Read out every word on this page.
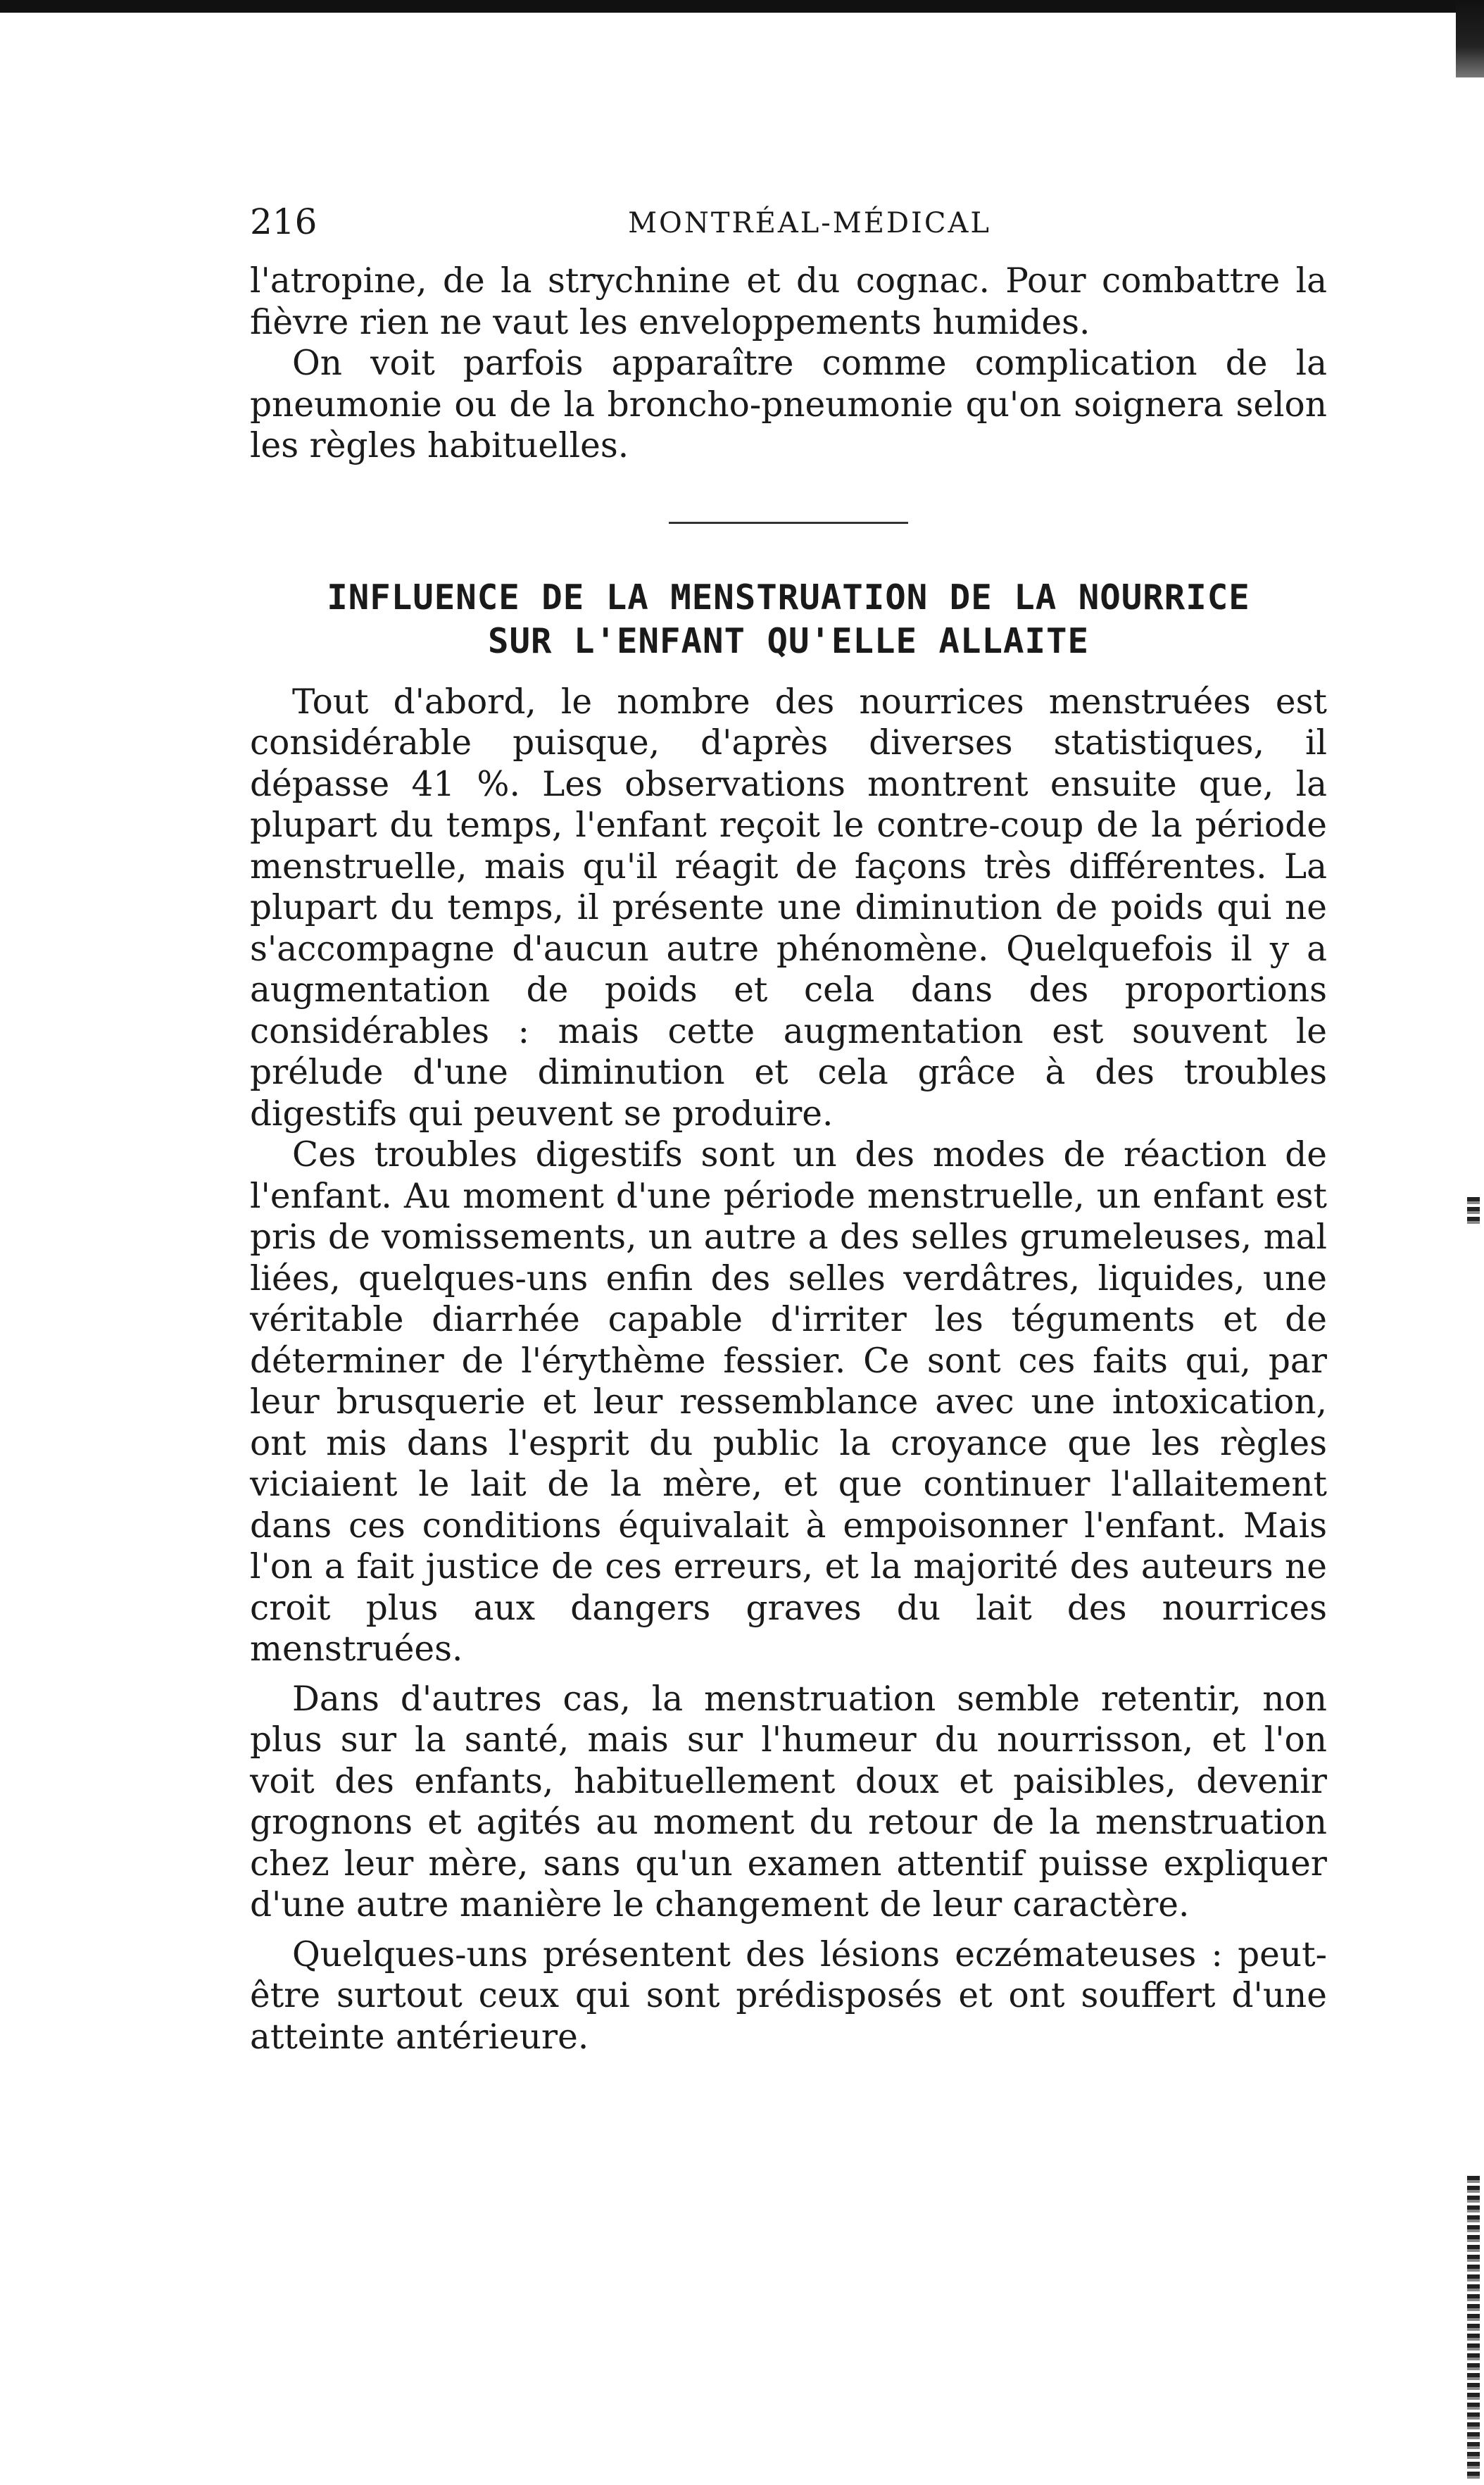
216	MONTRÉAL-MÉDICAL

l'atropine, de la strychnine et du cognac. Pour combattre la fièvre rien ne vaut les enveloppements humides.

On voit parfois apparaître comme complication de la pneumonie ou de la broncho-pneumonie qu'on soignera selon les règles habituelles.

INFLUENCE DE LA MENSTRUATION DE LA NOURRICE
SUR L'ENFANT QU'ELLE ALLAITE

Tout d'abord, le nombre des nourrices menstruées est considérable puisque, d'après diverses statistiques, il dépasse 41 %. Les observations montrent ensuite que, la plupart du temps, l'enfant reçoit le contre-coup de la période menstruelle, mais qu'il réagit de façons très différentes. La plupart du temps, il présente une diminution de poids qui ne s'accompagne d'aucun autre phénomène. Quelquefois il y a augmentation de poids et cela dans des proportions considérables : mais cette augmentation est souvent le prélude d'une diminution et cela grâce à des troubles digestifs qui peuvent se produire.

Ces troubles digestifs sont un des modes de réaction de l'enfant. Au moment d'une période menstruelle, un enfant est pris de vomissements, un autre a des selles grumeleuses, mal liées, quelques-uns enfin des selles verdâtres, liquides, une véritable diarrhée capable d'irriter les téguments et de déterminer de l'érythème fessier. Ce sont ces faits qui, par leur brusquerie et leur ressemblance avec une intoxication, ont mis dans l'esprit du public la croyance que les règles viciaient le lait de la mère, et que continuer l'allaitement dans ces conditions équivalait à empoisonner l'enfant. Mais l'on a fait justice de ces erreurs, et la majorité des auteurs ne croit plus aux dangers graves du lait des nourrices menstruées.

Dans d'autres cas, la menstruation semble retentir, non plus sur la santé, mais sur l'humeur du nourrisson, et l'on voit des enfants, habituellement doux et paisibles, devenir grognons et agités au moment du retour de la menstruation chez leur mère, sans qu'un examen attentif puisse expliquer d'une autre manière le changement de leur caractère.

Quelques-uns présentent des lésions eczémateuses : peut-être surtout ceux qui sont prédisposés et ont souffert d'une atteinte antérieure.
